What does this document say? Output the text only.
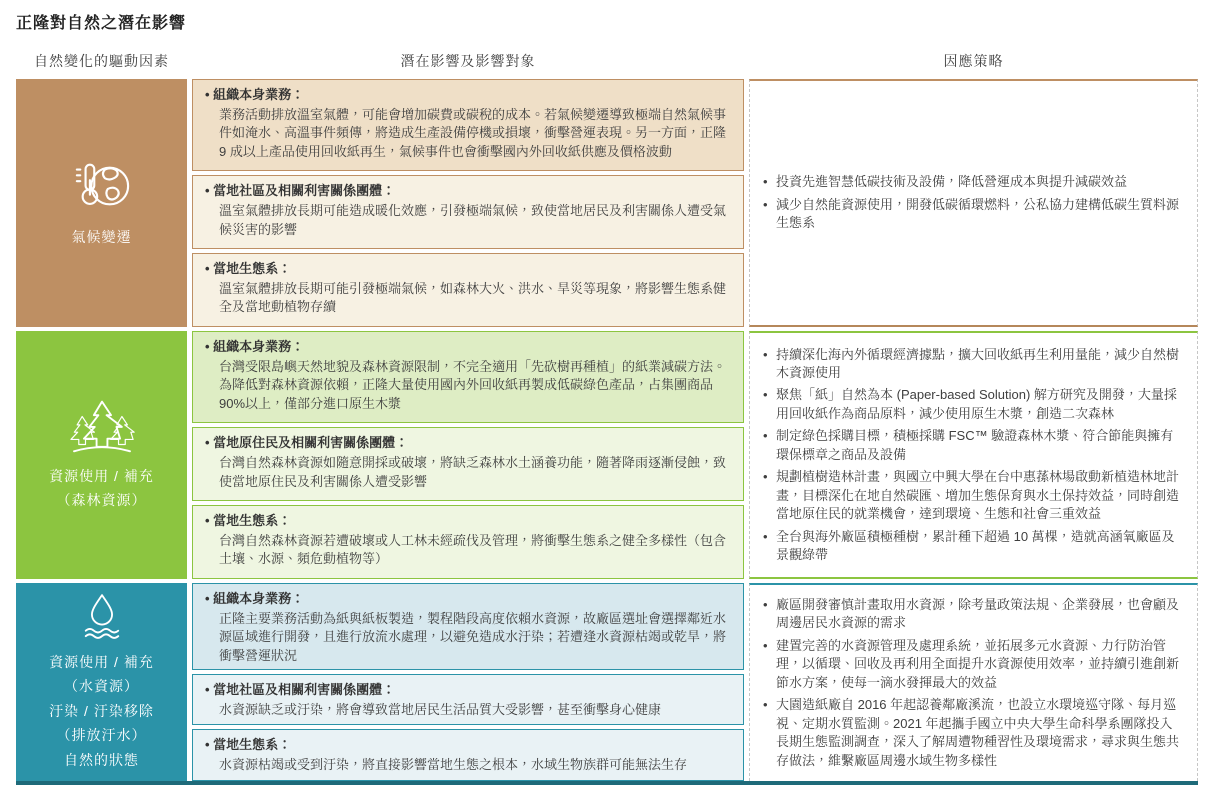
正隆對自然之潛在影響
自然變化的驅動因素	潛在影響及影響對象	因應策略
氣候變遷
• 組織本身業務：
業務活動排放溫室氣體，可能會增加碳費或碳稅的成本。若氣候變遷導致極端自然氣候事件如淹水、高溫事件頻傳，將造成生產設備停機或損壞，衝擊營運表現。另一方面，正隆 9 成以上產品使用回收紙再生，氣候事件也會衝擊國內外回收紙供應及價格波動
• 當地社區及相關利害關係團體：
溫室氣體排放長期可能造成暖化效應，引發極端氣候，致使當地居民及利害關係人遭受氣候災害的影響
• 當地生態系：
溫室氣體排放長期可能引發極端氣候，如森林大火、洪水、旱災等現象，將影響生態系健全及當地動植物存續
• 投資先進智慧低碳技術及設備，降低營運成本與提升減碳效益
• 減少自然能資源使用，開發低碳循環燃料，公私協力建構低碳生質料源生態系
資源使用 / 補充
（森林資源）
• 組織本身業務：
台灣受限島嶼天然地貌及森林資源限制，不完全適用「先砍樹再種植」的紙業減碳方法。為降低對森林資源依賴，正隆大量使用國內外回收紙再製成低碳綠色產品，占集團商品 90%以上，僅部分進口原生木漿
• 當地原住民及相關利害關係團體：
台灣自然森林資源如隨意開採或破壞，將缺乏森林水土涵養功能，隨著降雨逐漸侵蝕，致使當地原住民及利害關係人遭受影響
• 當地生態系：
台灣自然森林資源若遭破壞或人工林未經疏伐及管理，將衝擊生態系之健全多樣性（包含土壤、水源、頻危動植物等）
• 持續深化海內外循環經濟據點，擴大回收紙再生利用量能，減少自然樹木資源使用
• 聚焦「紙」自然為本 (Paper-based Solution) 解方研究及開發，大量採用回收紙作為商品原料，減少使用原生木漿，創造二次森林
• 制定綠色採購目標，積極採購 FSC™ 驗證森林木漿、符合節能與擁有環保標章之商品及設備
• 規劃植樹造林計畫，與國立中興大學在台中惠蓀林場啟動新植造林地計畫，目標深化在地自然碳匯、增加生態保育與水土保持效益，同時創造當地原住民的就業機會，達到環境、生態和社會三重效益
• 全台與海外廠區積極種樹，累計種下超過 10 萬棵，造就高涵氧廠區及景觀綠帶
資源使用 / 補充
（水資源）
汙染 / 汙染移除
（排放汙水）
自然的狀態
• 組織本身業務：
正隆主要業務活動為紙與紙板製造，製程階段高度依賴水資源，故廠區選址會選擇鄰近水源區域進行開發，且進行放流水處理，以避免造成水汙染；若遭逢水資源枯竭或乾旱，將衝擊營運狀況
• 當地社區及相關利害關係團體：
水資源缺乏或汙染，將會導致當地居民生活品質大受影響，甚至衝擊身心健康
• 當地生態系：
水資源枯竭或受到汙染，將直接影響當地生態之根本，水域生物族群可能無法生存
• 廠區開發審慎計畫取用水資源，除考量政策法規、企業發展，也會顧及周邊居民水資源的需求
• 建置完善的水資源管理及處理系統，並拓展多元水資源、力行防治管理，以循環、回收及再利用全面提升水資源使用效率，並持續引進創新節水方案，使每一滴水發揮最大的效益
• 大園造紙廠自 2016 年起認養鄰廠溪流，也設立水環境巡守隊、每月巡視、定期水質監測。2021 年起攜手國立中央大學生命科學系團隊投入長期生態監測調查，深入了解周遭物種習性及環境需求，尋求與生態共存做法，維繫廠區周邊水域生物多樣性
